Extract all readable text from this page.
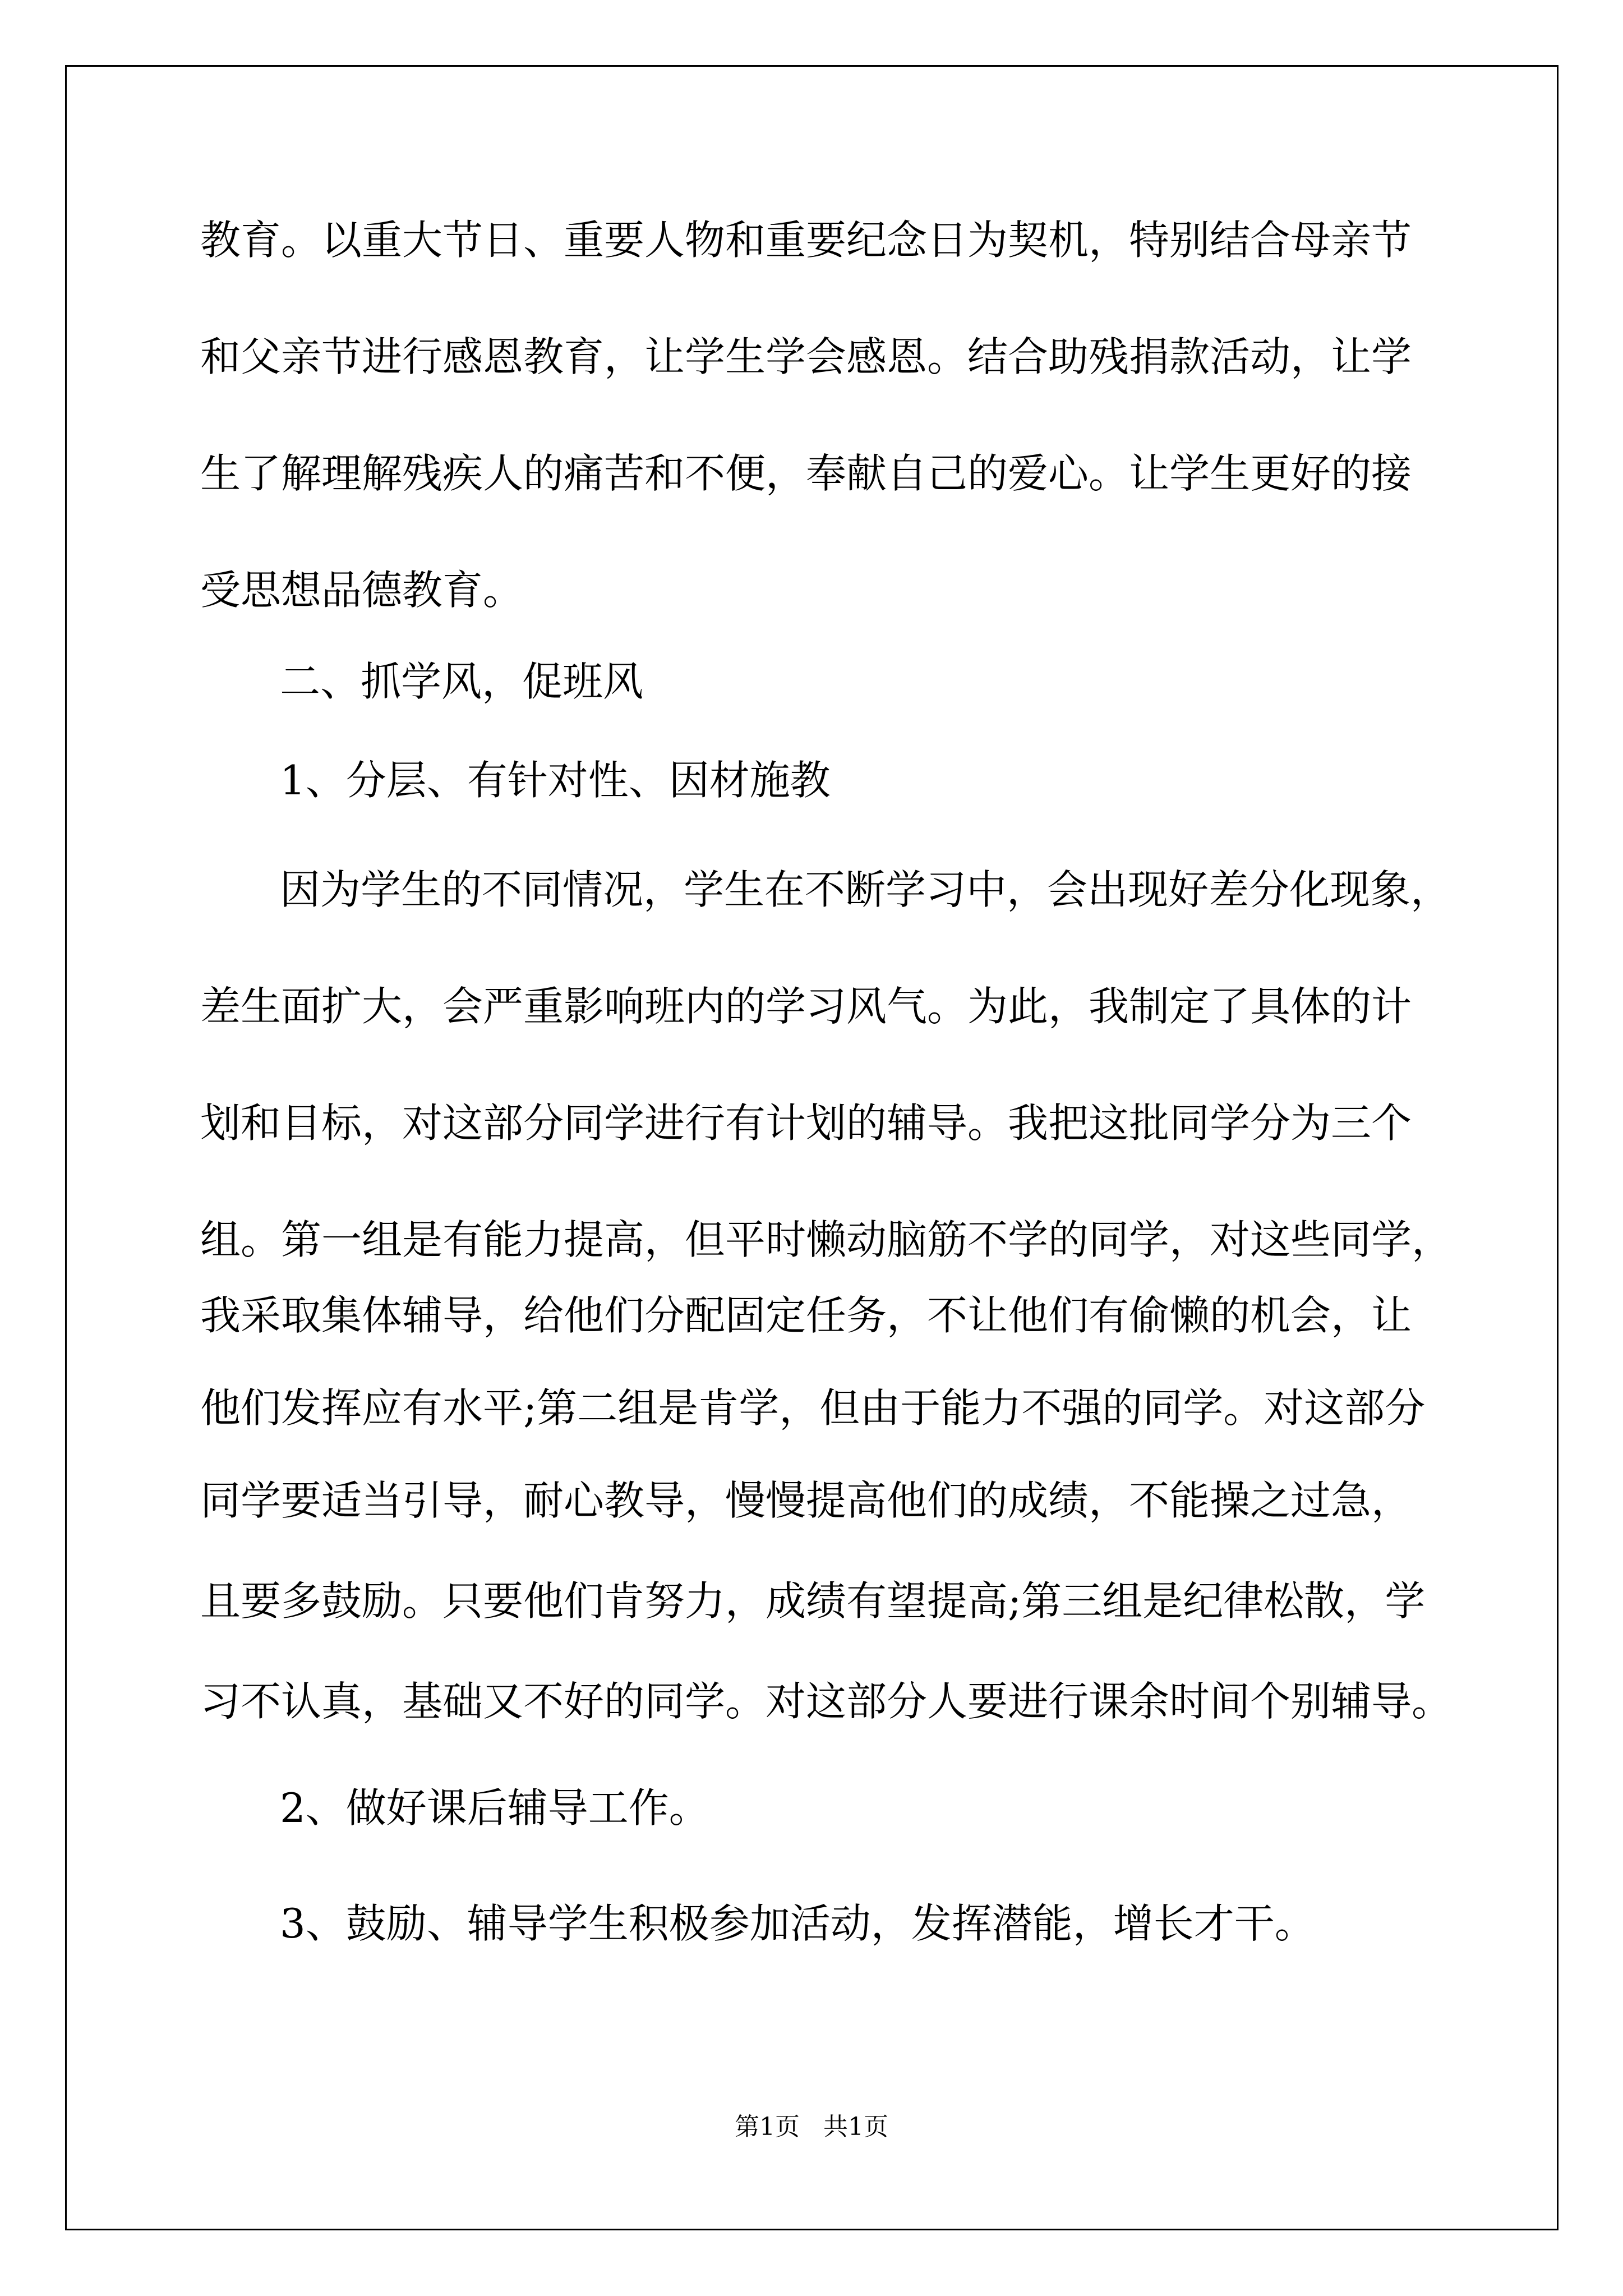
教育。以重大节日、重要人物和重要纪念日为契机，特别结合母亲节

和父亲节进行感恩教育，让学生学会感恩。结合助残捐款活动，让学

生了解理解残疾人的痛苦和不便，奉献自己的爱心。让学生更好的接

受思想品德教育。

二、抓学风，促班风

1、分层、有针对性、因材施教

因为学生的不同情况，学生在不断学习中，会出现好差分化现象，

差生面扩大，会严重影响班内的学习风气。为此，我制定了具体的计

划和目标，对这部分同学进行有计划的辅导。我把这批同学分为三个

组。第一组是有能力提高，但平时懒动脑筋不学的同学，对这些同学，

我采取集体辅导，给他们分配固定任务，不让他们有偷懒的机会，让

他们发挥应有水平;第二组是肯学，但由于能力不强的同学。对这部分

同学要适当引导，耐心教导，慢慢提高他们的成绩，不能操之过急，

且要多鼓励。只要他们肯努力，成绩有望提高;第三组是纪律松散，学

习不认真，基础又不好的同学。对这部分人要进行课余时间个别辅导。

2、做好课后辅导工作。

3、鼓励、辅导学生积极参加活动，发挥潜能，增长才干。

第1页   共1页
